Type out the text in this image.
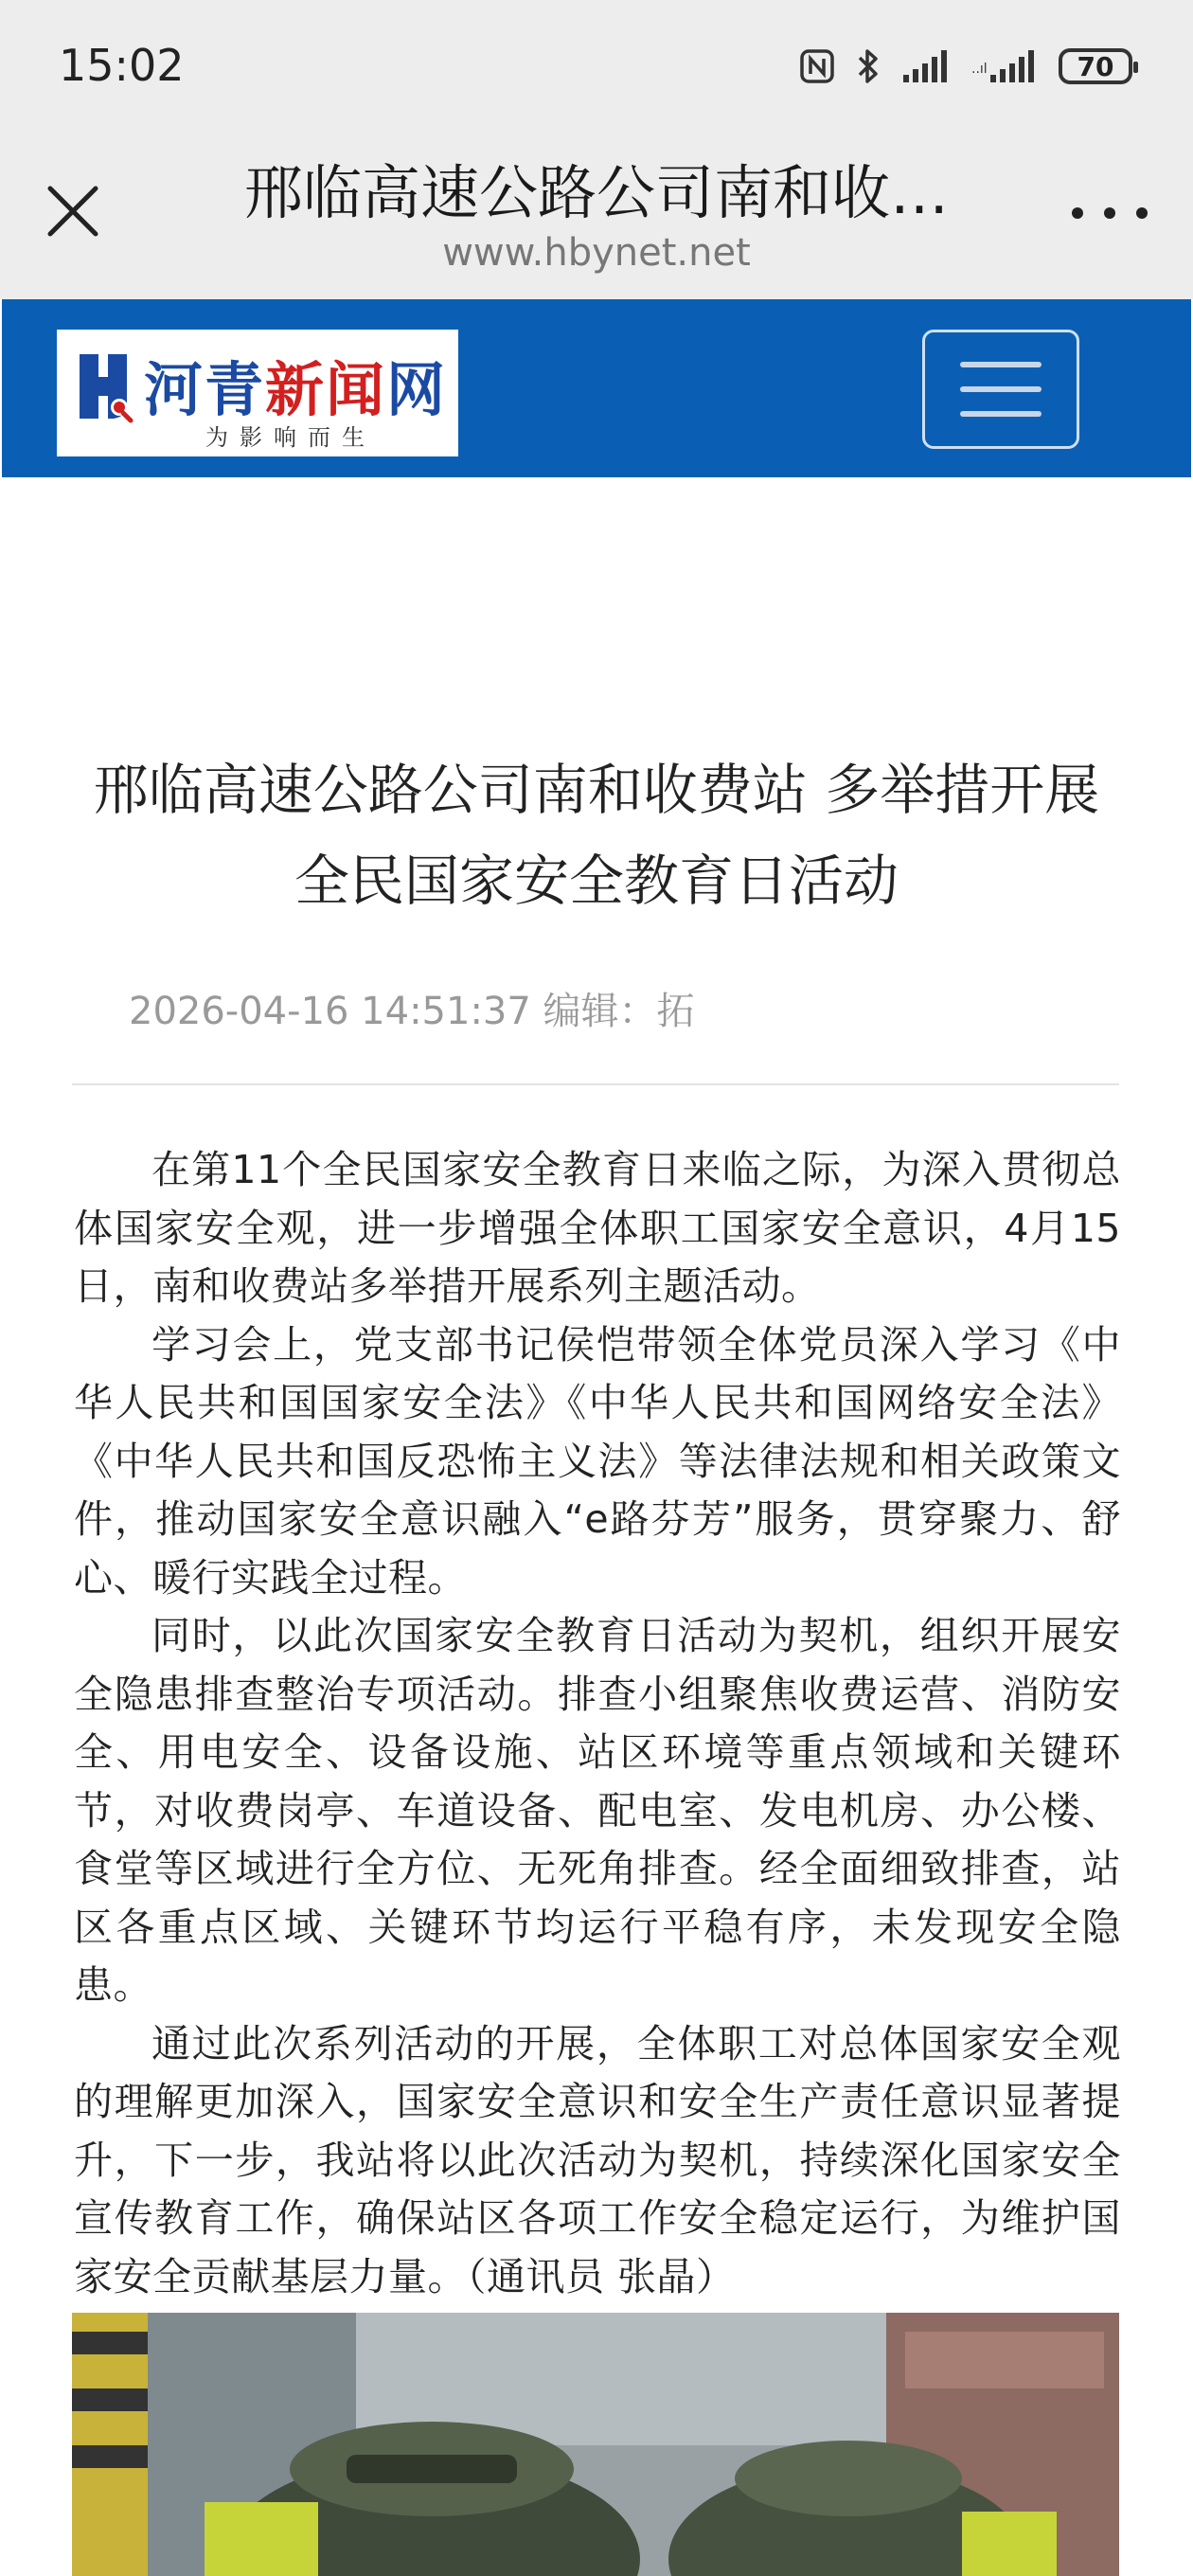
15:02	..ıl	70
邢临高速公路公司南和收…
www.hbynet.net
河青新闻网
为影响而生
邢临高速公路公司南和收费站 多举措开展全民国家安全教育日活动
2026-04-16 14:51:37 编辑：拓

在第11个全民国家安全教育日来临之际，为深入贯彻总体国家安全观，进一步增强全体职工国家安全意识，4月15日，南和收费站多举措开展系列主题活动。

学习会上，党支部书记侯恺带领全体党员深入学习《中华人民共和国国家安全法》《中华人民共和国网络安全法》《中华人民共和国反恐怖主义法》等法律法规和相关政策文件，推动国家安全意识融入“e路芬芳”服务，贯穿聚力、舒心、暖行实践全过程。

同时，以此次国家安全教育日活动为契机，组织开展安全隐患排查整治专项活动。排查小组聚焦收费运营、消防安全、用电安全、设备设施、站区环境等重点领域和关键环节，对收费岗亭、车道设备、配电室、发电机房、办公楼、食堂等区域进行全方位、无死角排查。经全面细致排查，站区各重点区域、关键环节均运行平稳有序，未发现安全隐患。

通过此次系列活动的开展，全体职工对总体国家安全观的理解更加深入，国家安全意识和安全生产责任意识显著提升，下一步，我站将以此次活动为契机，持续深化国家安全宣传教育工作，确保站区各项工作安全稳定运行，为维护国家安全贡献基层力量。（通讯员 张晶）
